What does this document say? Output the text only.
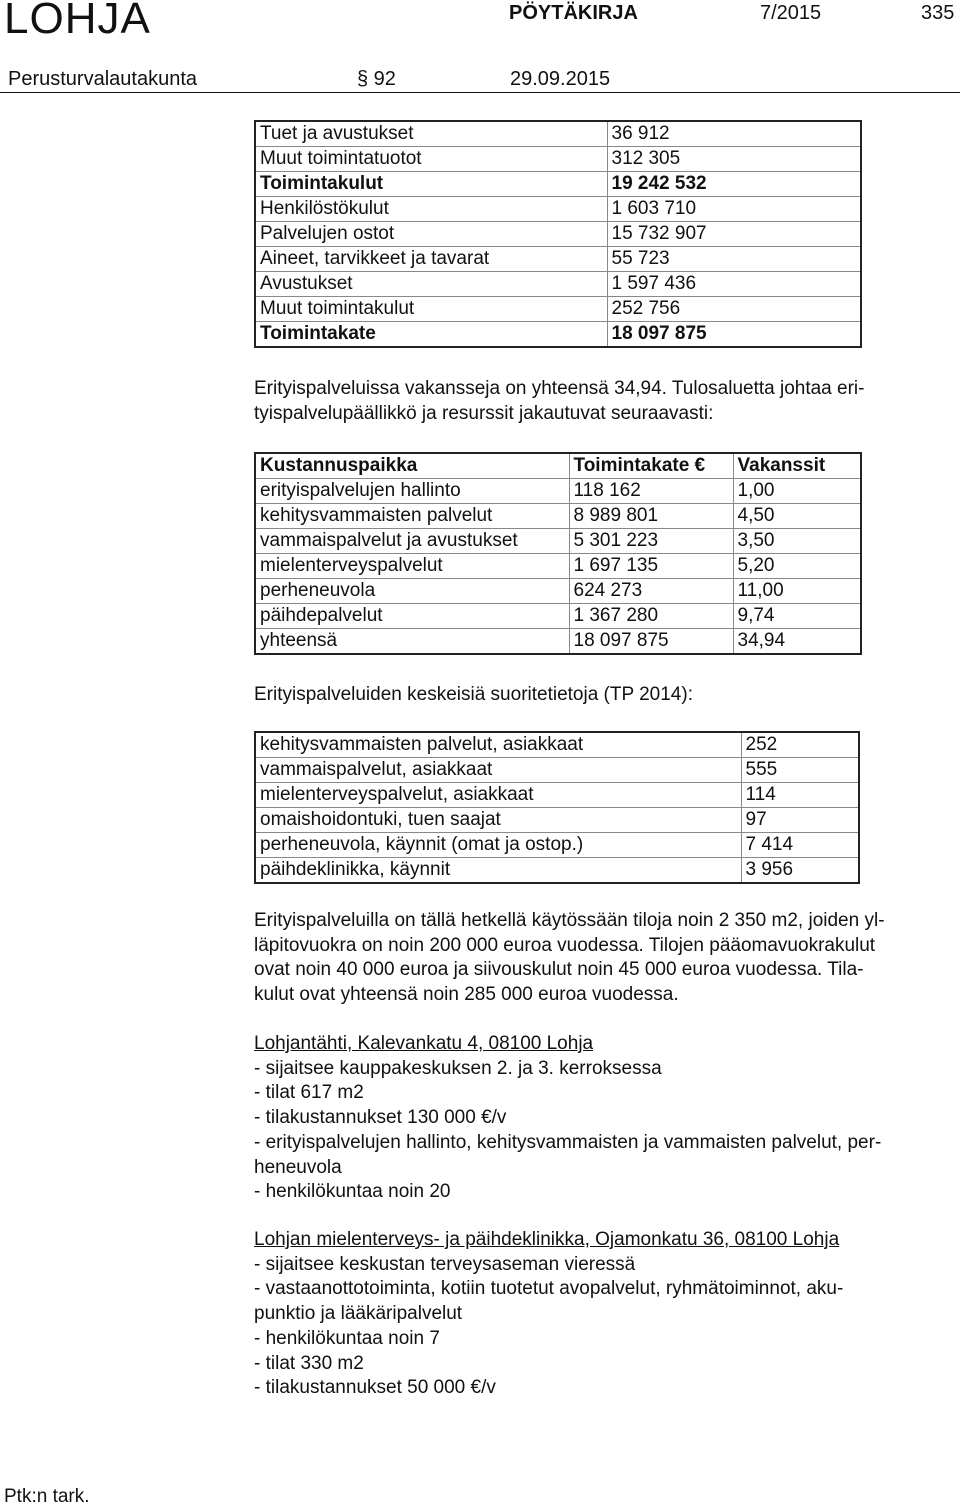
LOHJA	PÖYTÄKIRJA	7/2015	335
Perusturvalautakunta	§ 92	29.09.2015
Tuet ja avustukset	36 912
Muut toimintatuotot	312 305
Toimintakulut	19 242 532
Henkilöstökulut	1 603 710
Palvelujen ostot	15 732 907
Aineet, tarvikkeet ja tavarat	55 723
Avustukset	1 597 436
Muut toimintakulut	252 756
Toimintakate	18 097 875
Erityispalveluissa vakansseja on yhteensä 34,94. Tulosaluetta johtaa eri-tyispalvelupäällikkö ja resurssit jakautuvat seuraavasti:
Kustannuspaikka	Toimintakate €	Vakanssit
erityispalvelujen hallinto	118 162	1,00
kehitysvammaisten palvelut	8 989 801	4,50
vammaispalvelut ja avustukset	5 301 223	3,50
mielenterveyspalvelut	1 697 135	5,20
perheneuvola	624 273	11,00
päihdepalvelut	1 367 280	9,74
yhteensä	18 097 875	34,94
Erityispalveluiden keskeisiä suoritetietoja (TP 2014):
kehitysvammaisten palvelut, asiakkaat	252
vammaispalvelut, asiakkaat	555
mielenterveyspalvelut, asiakkaat	114
omaishoidontuki, tuen saajat	97
perheneuvola, käynnit (omat ja ostop.)	7 414
päihdeklinikka, käynnit	3 956
Erityispalveluilla on tällä hetkellä käytössään tiloja noin 2 350 m2, joiden yl-
läpitovuokra on noin 200 000 euroa vuodessa. Tilojen pääomavuokrakulut
ovat noin 40 000 euroa ja siivouskulut noin 45 000 euroa vuodessa. Tila-
kulut ovat yhteensä noin 285 000 euroa vuodessa.
Lohjantähti, Kalevankatu 4, 08100 Lohja
- sijaitsee kauppakeskuksen 2. ja 3. kerroksessa
- tilat 617 m2
- tilakustannukset 130 000 €/v
- erityispalvelujen hallinto, kehitysvammaisten ja vammaisten palvelut, per-
heneuvola
- henkilökuntaa noin 20
Lohjan mielenterveys- ja päihdeklinikka, Ojamonkatu 36, 08100 Lohja
- sijaitsee keskustan terveysaseman vieressä
- vastaanottotoiminta, kotiin tuotetut avopalvelut, ryhmätoiminnot, aku-
punktio ja lääkäripalvelut
- henkilökuntaa noin 7
- tilat 330 m2
- tilakustannukset 50 000 €/v
Ptk:n tark.
